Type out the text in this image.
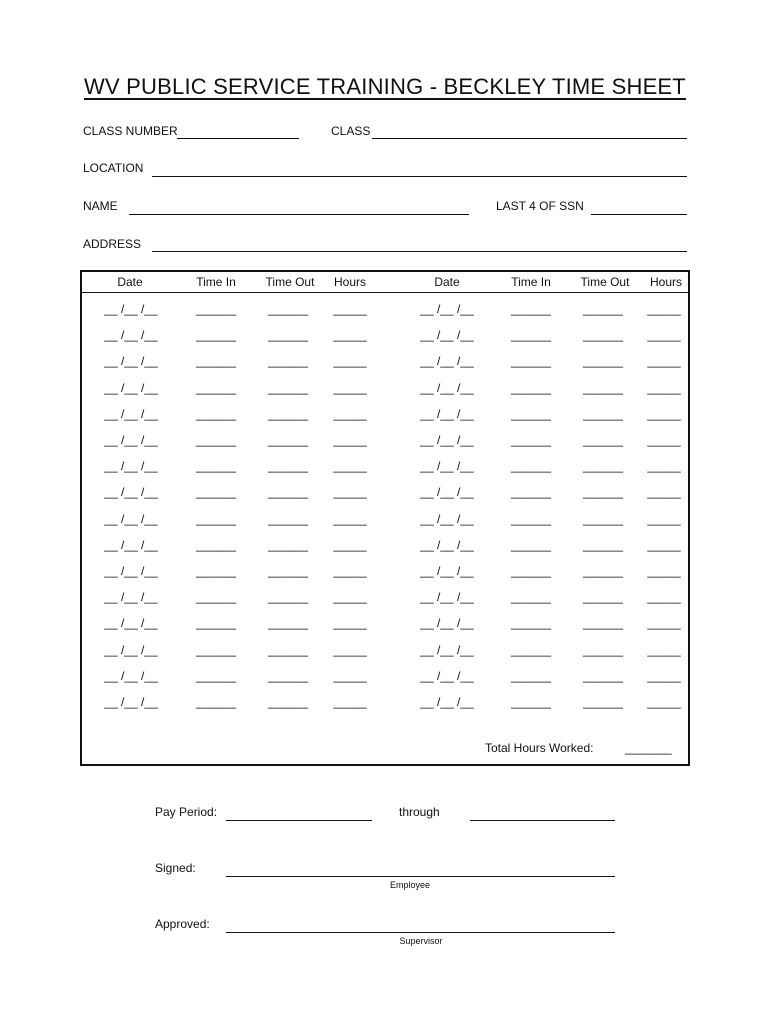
WV PUBLIC SERVICE TRAINING - BECKLEY TIME SHEET
CLASS NUMBER	CLASS
LOCATION
NAME	LAST 4 OF SSN
ADDRESS
Date	Time In	Time Out	Hours	Date	Time In	Time Out	Hours
__ /__ /__	______	______	_____	__ /__ /__	______	______	_____
__ /__ /__	______	______	_____	__ /__ /__	______	______	_____
__ /__ /__	______	______	_____	__ /__ /__	______	______	_____
__ /__ /__	______	______	_____	__ /__ /__	______	______	_____
__ /__ /__	______	______	_____	__ /__ /__	______	______	_____
__ /__ /__	______	______	_____	__ /__ /__	______	______	_____
__ /__ /__	______	______	_____	__ /__ /__	______	______	_____
__ /__ /__	______	______	_____	__ /__ /__	______	______	_____
__ /__ /__	______	______	_____	__ /__ /__	______	______	_____
__ /__ /__	______	______	_____	__ /__ /__	______	______	_____
__ /__ /__	______	______	_____	__ /__ /__	______	______	_____
__ /__ /__	______	______	_____	__ /__ /__	______	______	_____
__ /__ /__	______	______	_____	__ /__ /__	______	______	_____
__ /__ /__	______	______	_____	__ /__ /__	______	______	_____
__ /__ /__	______	______	_____	__ /__ /__	______	______	_____
__ /__ /__	______	______	_____	__ /__ /__	______	______	_____
Total Hours Worked:	_______
Pay Period:	through
Signed:
Employee
Approved:
Supervisor
